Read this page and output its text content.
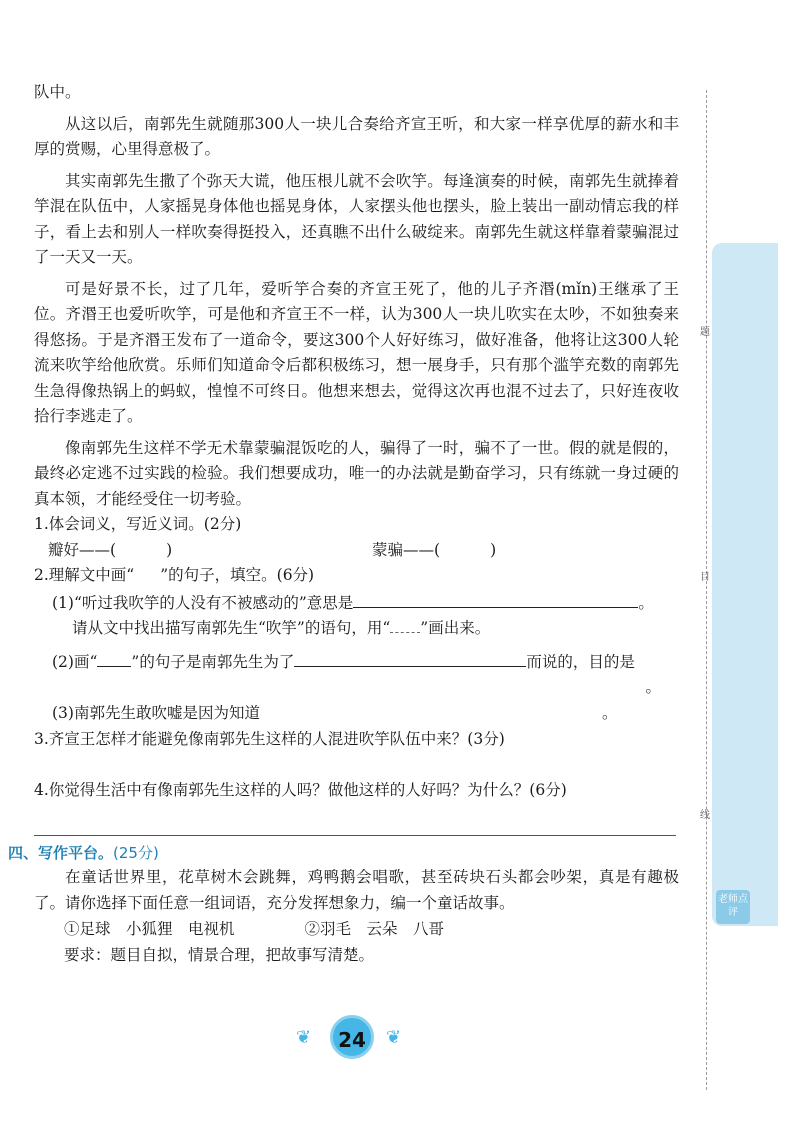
题
目
线
老师点评

队中。

从这以后，南郭先生就随那300人一块儿合奏给齐宣王听，和大家一样享优厚的薪水和丰厚的赏赐，心里得意极了。

其实南郭先生撒了个弥天大谎，他压根儿就不会吹竽。每逢演奏的时候，南郭先生就捧着竽混在队伍中，人家摇晃身体他也摇晃身体，人家摆头他也摆头，脸上装出一副动情忘我的样子，看上去和别人一样吹奏得挺投入，还真瞧不出什么破绽来。南郭先生就这样靠着蒙骗混过了一天又一天。

可是好景不长，过了几年，爱听竽合奏的齐宣王死了，他的儿子齐湣(mǐn)王继承了王位。齐湣王也爱听吹竽，可是他和齐宣王不一样，认为300人一块儿吹实在太吵，不如独奏来得悠扬。于是齐湣王发布了一道命令，要这300个人好好练习，做好准备，他将让这300人轮流来吹竽给他欣赏。乐师们知道命令后都积极练习，想一展身手，只有那个滥竽充数的南郭先生急得像热锅上的蚂蚁，惶惶不可终日。他想来想去，觉得这次再也混不过去了，只好连夜收拾行李逃走了。

像南郭先生这样不学无术靠蒙骗混饭吃的人，骗得了一时，骗不了一世。假的就是假的，最终必定逃不过实践的检验。我们想要成功，唯一的办法就是勤奋学习，只有练就一身过硬的真本领，才能经受住一切考验。

1.体会词义，写近义词。(2分)

瓣好——(	)	蒙骗——(	)

2.理解文中画“ ”的句子，填空。(6分)

(1)“听过我吹竽的人没有不被感动的”意思是	。

请从文中找出描写南郭先生“吹竽”的语句，用“ ”画出来。

(2)画“ ”的句子是南郭先生为了	而说的，目的是

。

(3)南郭先生敢吹嘘是因为知道	。

3.齐宣王怎样才能避免像南郭先生这样的人混进吹竽队伍中来？(3分)

4.你觉得生活中有像南郭先生这样的人吗？做他这样的人好吗？为什么？(6分)

四、写作平台。(25分)

在童话世界里，花草树木会跳舞，鸡鸭鹅会唱歌，甚至砖块石头都会吵架，真是有趣极了。请你选择下面任意一组词语，充分发挥想象力，编一个童话故事。

①足球　小狐狸　电视机	②羽毛　云朵　八哥

要求：题目自拟，情景合理，把故事写清楚。

❦	24	❦
